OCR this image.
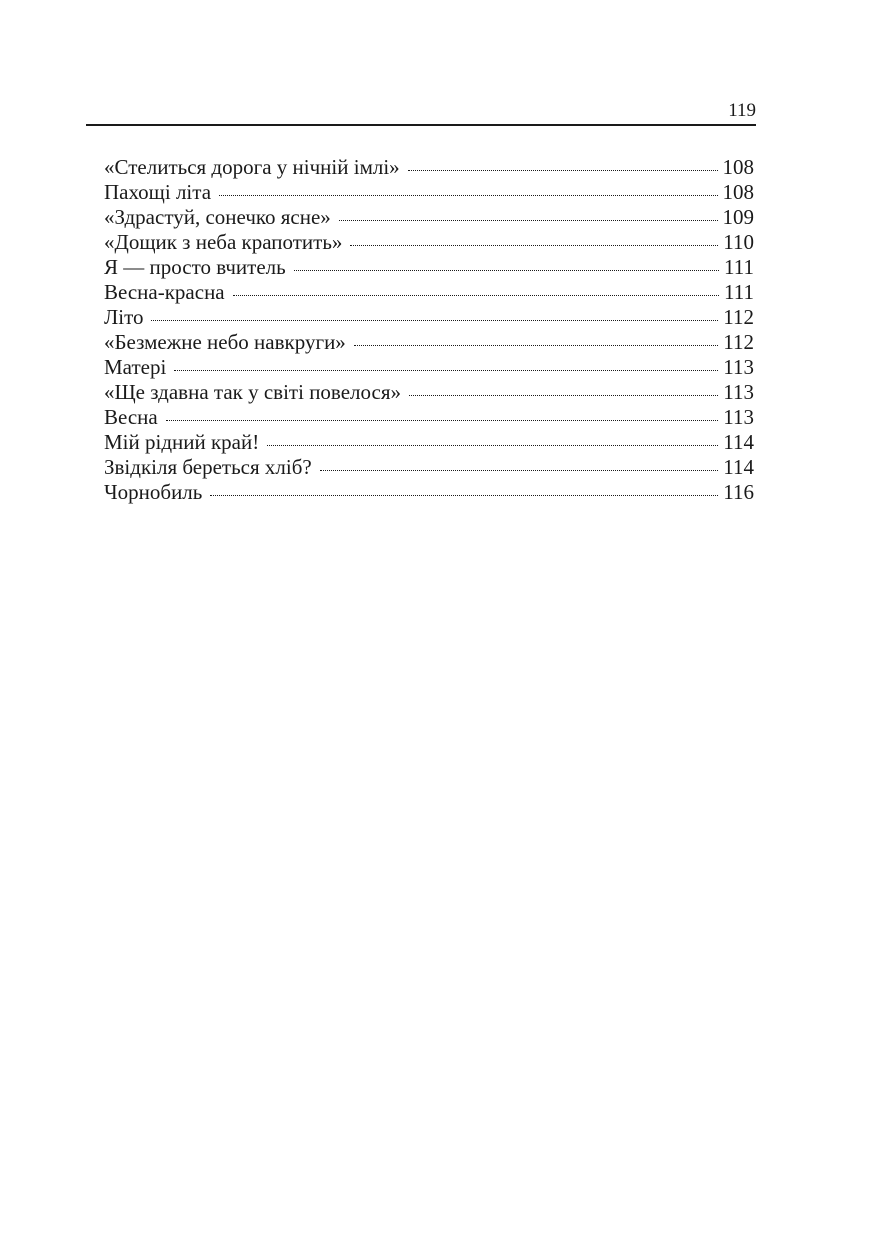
119
«Стелиться дорога у нічній імлі»	108
Пахощі літа	108
«Здрастуй, сонечко ясне»	109
«Дощик з неба крапотить»	110
Я — просто вчитель	111
Весна-красна	111
Літо	112
«Безмежне небо навкруги»	112
Матері	113
«Ще здавна так у світі повелося»	113
Весна	113
Мій рідний край!	114
Звідкіля береться хліб?	114
Чорнобиль	116
